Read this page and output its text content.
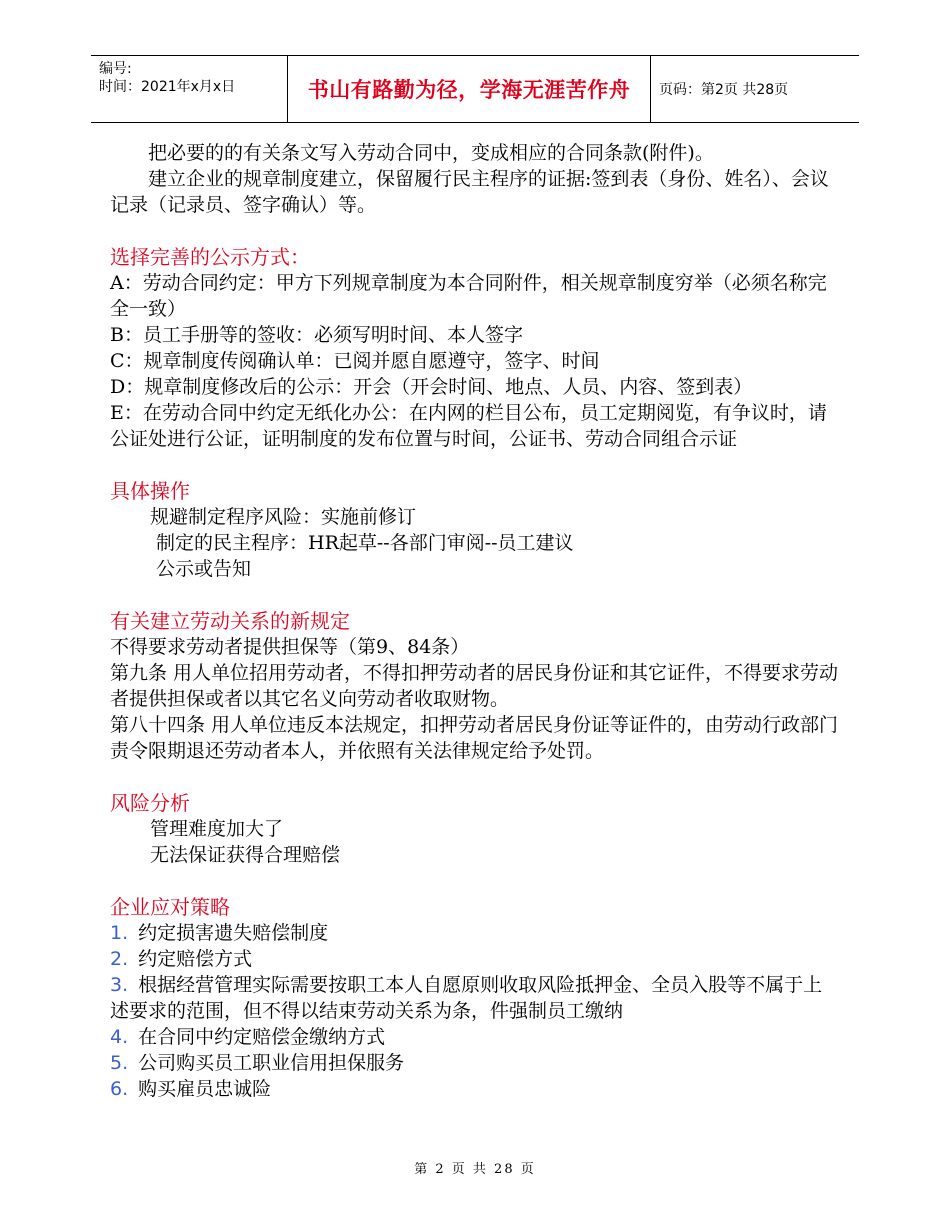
编号:
时间：2021年x月x日	书山有路勤为径，学海无涯苦作舟	页码：第2页 共28页

把必要的的有关条文写入劳动合同中，变成相应的合同条款(附件)。

建立企业的规章制度建立，保留履行民主程序的证据:签到表（身份、姓名）、会议记录（记录员、签字确认）等。

选择完善的公示方式：

A：劳动合同约定：甲方下列规章制度为本合同附件，相关规章制度穷举（必须名称完全一致）

B：员工手册等的签收：必须写明时间、本人签字

C：规章制度传阅确认单：已阅并愿自愿遵守，签字、时间

D：规章制度修改后的公示：开会（开会时间、地点、人员、内容、签到表）

E：在劳动合同中约定无纸化办公：在内网的栏目公布，员工定期阅览，有争议时，请公证处进行公证，证明制度的发布位置与时间，公证书、劳动合同组合示证

具体操作

规避制定程序风险：实施前修订

制定的民主程序：HR起草--各部门审阅--员工建议

公示或告知

有关建立劳动关系的新规定

不得要求劳动者提供担保等（第9、84条）

第九条 用人单位招用劳动者，不得扣押劳动者的居民身份证和其它证件，不得要求劳动者提供担保或者以其它名义向劳动者收取财物。

第八十四条 用人单位违反本法规定，扣押劳动者居民身份证等证件的，由劳动行政部门责令限期退还劳动者本人，并依照有关法律规定给予处罚。

风险分析

管理难度加大了

无法保证获得合理赔偿

企业应对策略

1. 约定损害遗失赔偿制度

2. 约定赔偿方式

3. 根据经营管理实际需要按职工本人自愿原则收取风险抵押金、全员入股等不属于上述要求的范围，但不得以结束劳动关系为条，件强制员工缴纳

4. 在合同中约定赔偿金缴纳方式

5. 公司购买员工职业信用担保服务

6. 购买雇员忠诚险

第 2 页 共 28 页
